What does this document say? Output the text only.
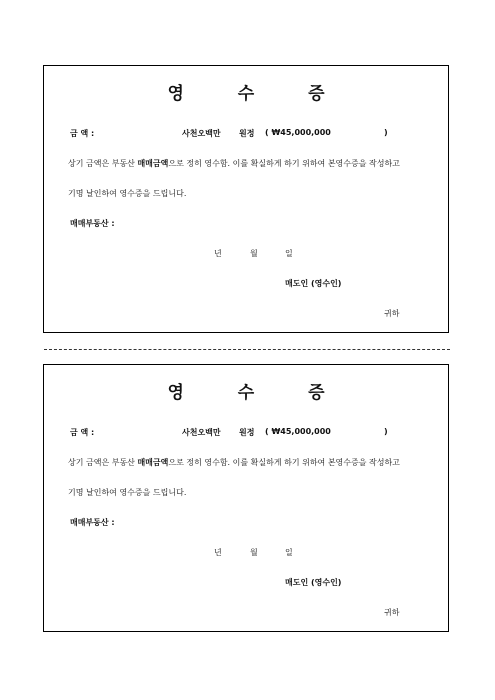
영 수 증
금 액 :	사천오백만 원정 ( ₩45,000,000	)
상기 금액은 부동산 매매금액으로 정히 영수함. 이를 확실하게 하기 위하여 본영수증을 작성하고
기명 날인하여 영수증을 드립니다.
매매부동산 :
년	월	일
매도인 (영수인)
귀하
영 수 증
금 액 :	사천오백만 원정 ( ₩45,000,000	)
상기 금액은 부동산 매매금액으로 정히 영수함. 이를 확실하게 하기 위하여 본영수증을 작성하고
기명 날인하여 영수증을 드립니다.
매매부동산 :
년	월	일
매도인 (영수인)
귀하
